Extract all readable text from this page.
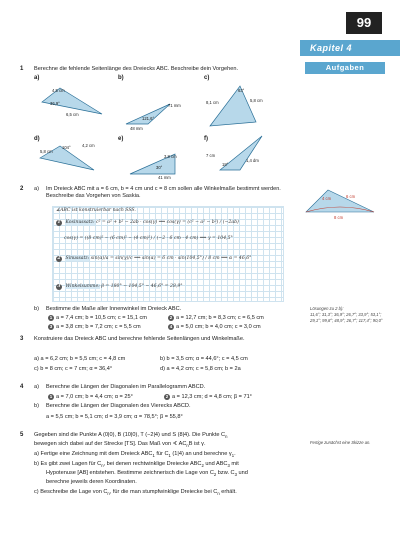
99
Kapitel 4
Aufgaben
1 Berechne die fehlende Seitenlänge des Dreiecks ABC. Beschreibe dein Vorgehen.
a)	b)	c)
d)	e)	f)
4,5 cm
36,9°
6,5 cm
71 mm
121,6°
48 mm
63°
5,8 cm
8,1 cm
104°
5,8 cm
4,2 cm
3,8 cm
30°
41 mm
7 cm
18°
1,4 dm
2 a) Im Dreieck ABC mit a = 6 cm, b = 4 cm und c = 8 cm sollen alle Winkelmaße bestimmt werden. Beschreibe das Vorgehen von Saskia.	4 cm	6 cm
8 cm
∡ABC ist konstruierbar nach SSS.
1 Kosinussatz: c² = a² + b² − 2ab · cos(γ) ⟹ cos(γ) = (c² − a² − b²) / (−2ab)
cos(γ) = ((8 cm)² − (6 cm)² − (4 cm)²) / (−2 · 6 cm · 4 cm) ⟹ γ = 104,5°
2 Sinussatz: sin(α)/a = sin(γ)/c ⟹ sin(α) = 6 cm · sin(104,5°) / 8 cm ⟹ α = 46,6°
3 Winkelsumme: β = 180° − 104,5° − 46,6° = 28,9°
b) Bestimme die Maße aller Innenwinkel im Dreieck ABC.
1 a = 7,4 cm; b = 10,5 cm; c = 15,1 cm	2 a = 12,7 cm; b = 8,3 cm; c = 6,5 cm
3 a = 3,8 cm; b = 7,2 cm; c = 5,5 cm	4 a = 5,0 cm; b = 4,0 cm; c = 3,0 cm
Lösungen zu 2 b):
11,6°; 31,3°; 36,9°; 26,7°; 33,9°; 53,1°; 29,1°; 99,8°; 48,9°; 26,7°; 117,4°; 90,0°
3 Konstruiere das Dreieck ABC und berechne fehlende Seitenlängen und Winkelmaße.
a) a = 6,2 cm; b = 5,5 cm; c = 4,8 cm	b) b = 3,5 cm; α = 44,6°; c = 4,5 cm
c) b = 8 cm; c = 7 cm; α = 36,4°	d) a = 4,2 cm; c = 5,8 cm; b = 2a
4 a) Berechne die Längen der Diagonalen im Parallelogramm ABCD.
1 a = 7,0 cm; b = 4,4 cm; α = 25°	2 a = 12,3 cm; d = 4,8 cm; β = 71°
b) Berechne die Längen der Diagonalen des Vierecks ABCD.
a = 5,5 cm; b = 5,1 cm; d = 3,9 cm; α = 78,5°; β = 55,8°
5 Gegeben sind die Punkte A (0|0), B (10|0), T (−2|4) und S (8|4). Die Punkte $C_n$
bewegen sich dabei auf der Strecke [TS]. Das Maß von ∢ $AC_nB$ ist γ.
a) Fertige eine Zeichnung mit dem Dreieck $ABC_1$ für $C_1$ (1|4) an und berechne $\gamma_1$.
b) Es gibt zwei Lagen für $C_n$, bei denen rechtwinklige Dreiecke $ABC_2$ und $ABC_3$ mit
Hypotenuse [AB] entstehen. Bestimme zeichnerisch die Lage von $C_2$ bzw. $C_3$ und
berechne jeweils deren Koordinaten.
c) Beschreibe die Lage von $C_n$, für die man stumpfwinklige Dreiecke bei $C_n$ erhält.
Fertige zunächst eine Skizze an.
